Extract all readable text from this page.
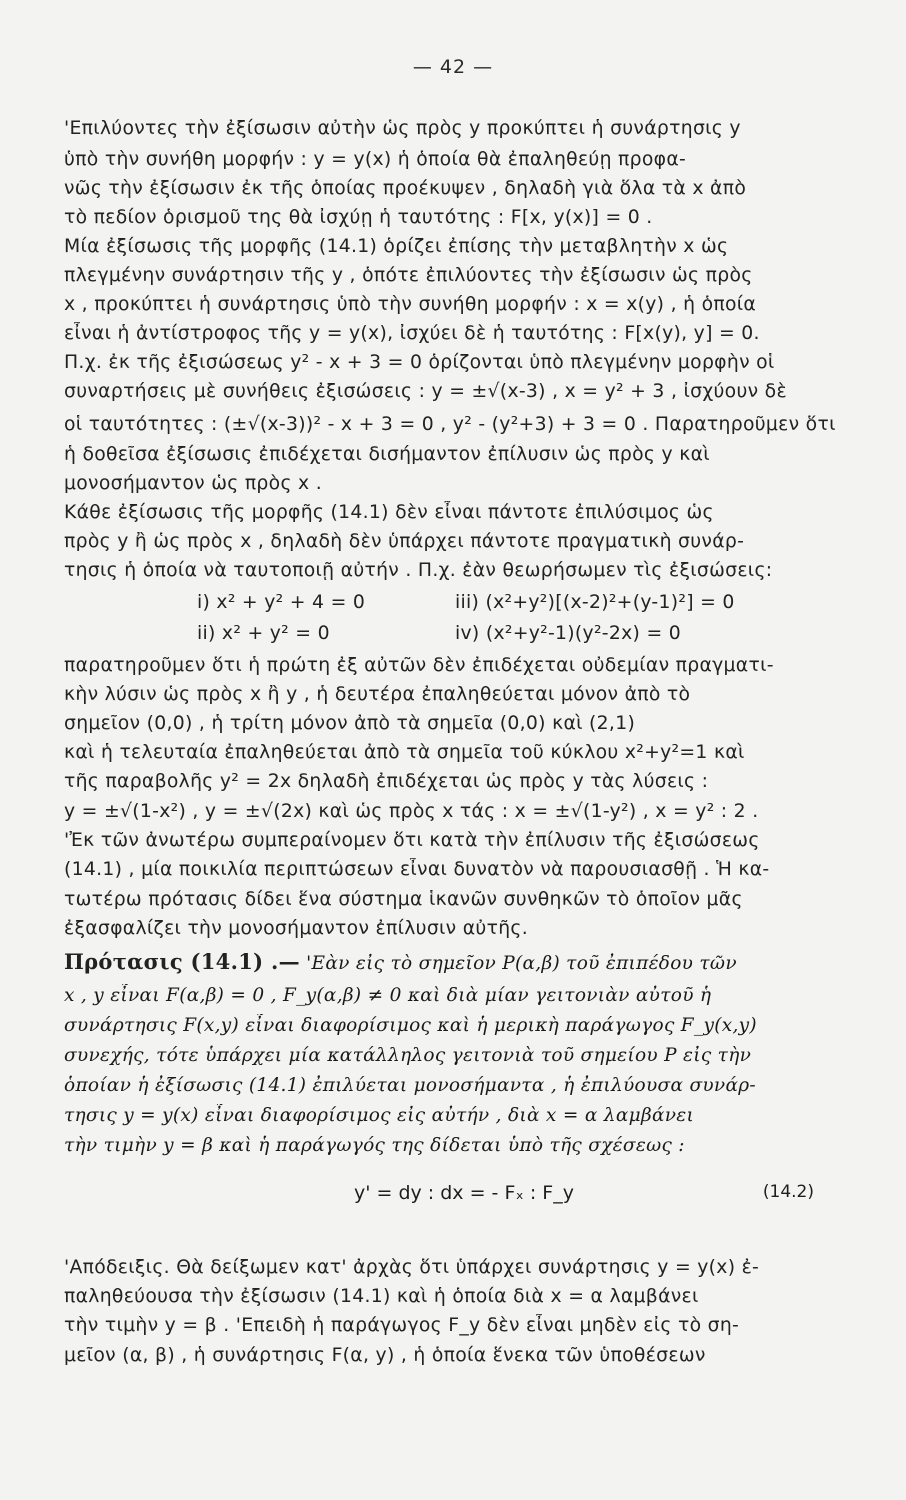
— 42 —
'Επιλύοντες τὴν ἐξίσωσιν αὐτὴν ὡς πρὸς y προκύπτει ἡ συνάρτησις y
ὑπὸ τὴν συνήθη μορφήν : y = y(x) ἡ ὁποία θὰ ἐπαληθεύῃ προφα-
νῶς τὴν ἐξίσωσιν ἐκ τῆς ὁποίας προέκυψεν , δηλαδὴ γιὰ ὅλα τὰ x ἀπὸ
τὸ πεδίον ὁρισμοῦ της θὰ ἰσχύῃ ἡ ταυτότης : F[x, y(x)] = 0 .
Μία ἐξίσωσις τῆς μορφῆς (14.1) ὁρίζει ἐπίσης τὴν μεταβλητὴν x ὡς
πλεγμένην συνάρτησιν τῆς y , ὁπότε ἐπιλύοντες τὴν ἐξίσωσιν ὡς πρὸς
x , προκύπτει ἡ συνάρτησις ὑπὸ τὴν συνήθη μορφήν : x = x(y) , ἡ ὁποία
εἶναι ἡ ἀντίστροφος τῆς y = y(x), ἰσχύει δὲ ἡ ταυτότης : F[x(y), y] = 0.
Π.χ. ἐκ τῆς ἐξισώσεως y² - x + 3 = 0 ὁρίζονται ὑπὸ πλεγμένην μορφὴν οἱ
συναρτήσεις μὲ συνήθεις ἐξισώσεις : y = ±√(x-3) , x = y² + 3 , ἰσχύουν δὲ
οἱ ταυτότητες : (±√(x-3))² - x + 3 = 0 , y² - (y²+3) + 3 = 0 . Παρατηροῦμεν ὅτι
ἡ δοθεῖσα ἐξίσωσις ἐπιδέχεται δισήμαντον ἐπίλυσιν ὡς πρὸς y καὶ
μονοσήμαντον ὡς πρὸς x .
Κάθε ἐξίσωσις τῆς μορφῆς (14.1) δὲν εἶναι πάντοτε ἐπιλύσιμος ὡς
πρὸς y ἢ ὡς πρὸς x , δηλαδὴ δὲν ὑπάρχει πάντοτε πραγματικὴ συνάρ-
τησις ἡ ὁποία νὰ ταυτοποιῇ αὐτήν . Π.χ. ἐὰν θεωρήσωμεν τὶς ἐξισώσεις:
i) x² + y² + 4 = 0	iii) (x²+y²)[(x-2)²+(y-1)²] = 0
ii) x² + y² = 0	iv) (x²+y²-1)(y²-2x) = 0
παρατηροῦμεν ὅτι ἡ πρώτη ἐξ αὐτῶν δὲν ἐπιδέχεται οὐδεμίαν πραγματι-
κὴν λύσιν ὡς πρὸς x ἢ y , ἡ δευτέρα ἐπαληθεύεται μόνον ἀπὸ τὸ
σημεῖον (0,0) , ἡ τρίτη μόνον ἀπὸ τὰ σημεῖα (0,0) καὶ (2,1)
καὶ ἡ τελευταία ἐπαληθεύεται ἀπὸ τὰ σημεῖα τοῦ κύκλου x²+y²=1 καὶ
τῆς παραβολῆς y² = 2x δηλαδὴ ἐπιδέχεται ὡς πρὸς y τὰς λύσεις :
y = ±√(1-x²) , y = ±√(2x) καὶ ὡς πρὸς x τάς : x = ±√(1-y²) , x = y² : 2 .
'Ἐκ τῶν ἀνωτέρω συμπεραίνομεν ὅτι κατὰ τὴν ἐπίλυσιν τῆς ἐξισώσεως
(14.1) , μία ποικιλία περιπτώσεων εἶναι δυνατὸν νὰ παρουσιασθῇ . Ἡ κα-
τωτέρω πρότασις δίδει ἕνα σύστημα ἱκανῶν συνθηκῶν τὸ ὁποῖον μᾶς
ἐξασφαλίζει τὴν μονοσήμαντον ἐπίλυσιν αὐτῆς.
Πρότασις (14.1) .— 'Εὰν εἰς τὸ σημεῖον P(α,β) τοῦ ἐπιπέδου τῶν
x , y εἶναι F(α,β) = 0 , F_y(α,β) ≠ 0 καὶ διὰ μίαν γειτονιὰν αὐτοῦ ἡ
συνάρτησις F(x,y) εἶναι διαφορίσιμος καὶ ἡ μερικὴ παράγωγος F_y(x,y)
συνεχής, τότε ὑπάρχει μία κατάλληλος γειτονιὰ τοῦ σημείου P εἰς τὴν
ὁποίαν ἡ ἐξίσωσις (14.1) ἐπιλύεται μονοσήμαντα , ἡ ἐπιλύουσα συνάρ-
τησις y = y(x) εἶναι διαφορίσιμος εἰς αὐτήν , διὰ x = α λαμβάνει
τὴν τιμὴν y = β καὶ ἡ παράγωγός της δίδεται ὑπὸ τῆς σχέσεως :
y' = dy : dx = - Fₓ : F_y	(14.2)
'Απόδειξις. Θὰ δείξωμεν κατ' ἀρχὰς ὅτι ὑπάρχει συνάρτησις y = y(x) ἐ-
παληθεύουσα τὴν ἐξίσωσιν (14.1) καὶ ἡ ὁποία διὰ x = α λαμβάνει
τὴν τιμὴν y = β . 'Επειδὴ ἡ παράγωγος F_y δὲν εἶναι μηδὲν εἰς τὸ ση-
μεῖον (α, β) , ἡ συνάρτησις F(α, y) , ἡ ὁποία ἕνεκα τῶν ὑποθέσεων
